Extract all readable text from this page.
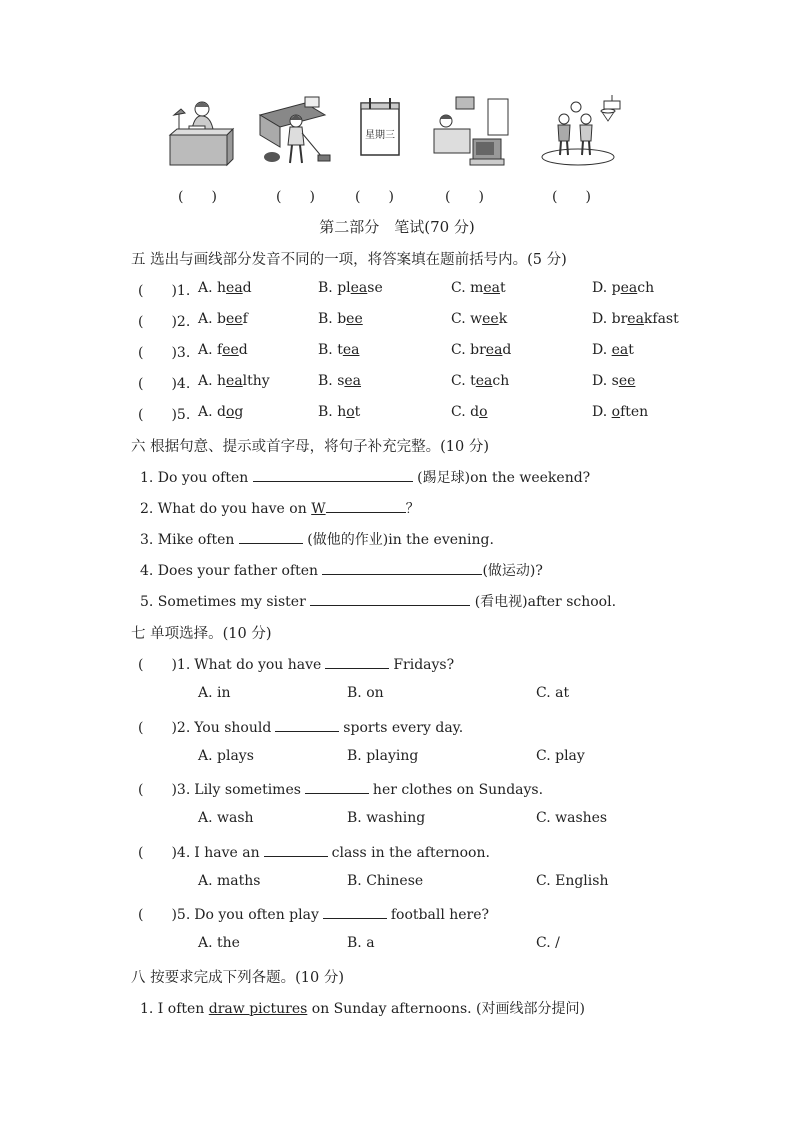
星期三
(　　)	(　　)	(　　)	(　　)	(　　)
第二部分　笔试(70 分)
五 选出与画线部分发音不同的一项，将答案填在题前括号内。(5 分)
(　　)1. A. head	B. please	C. meat	D. peach
(　　)2. A. beef	B. bee	C. week	D. breakfast
(　　)3. A. feed	B. tea	C. bread	D. eat
(　　)4. A. healthy	B. sea	C. teach	D. see
(　　)5. A. dog	B. hot	C. do	D. often
六 根据句意、提示或首字母，将句子补充完整。(10 分)
1. Do you often	(踢足球)on the weekend?
2. What do you have on W	？
3. Mike often	(做他的作业)in the evening.
4. Does your father often	(做运动)?
5. Sometimes my sister	(看电视)after school.
七 单项选择。(10 分)
(　　)1. What do you have	Fridays?
A. in	B. on	C. at
(　　)2. You should	sports every day.
A. plays	B. playing	C. play
(　　)3. Lily sometimes	her clothes on Sundays.
A. wash	B. washing	C. washes
(　　)4. I have an	class in the afternoon.
A. maths	B. Chinese	C. English
(　　)5. Do you often play	football here?
A. the	B. a	C. /
八 按要求完成下列各题。(10 分)
1. I often draw pictures on Sunday afternoons. (对画线部分提问)
